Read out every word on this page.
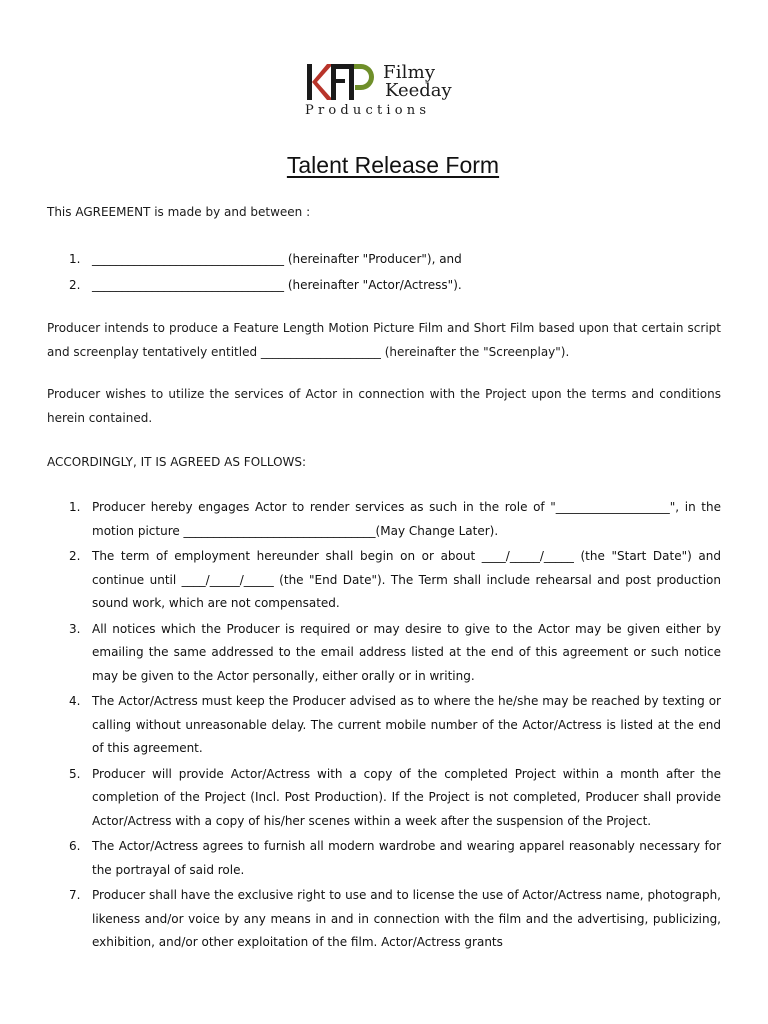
Filmy
Keeday
Productions
Talent Release Form
This AGREEMENT is made by and between :
1. ________________________________ (hereinafter "Producer"), and
2. ________________________________ (hereinafter "Actor/Actress").
Producer intends to produce a Feature Length Motion Picture Film and Short Film based upon that certain script and screenplay tentatively entitled ____________________ (hereinafter the "Screenplay").
Producer wishes to utilize the services of Actor in connection with the Project upon the terms and conditions herein contained.
ACCORDINGLY, IT IS AGREED AS FOLLOWS:
1. Producer hereby engages Actor to render services as such in the role of "___________________", in the motion picture ________________________________(May Change Later).
2. The term of employment hereunder shall begin on or about ____/_____/_____ (the "Start Date") and continue until ____/_____/_____ (the "End Date"). The Term shall include rehearsal and post production sound work, which are not compensated.
3. All notices which the Producer is required or may desire to give to the Actor may be given either by emailing the same addressed to the email address listed at the end of this agreement or such notice may be given to the Actor personally, either orally or in writing.
4. The Actor/Actress must keep the Producer advised as to where the he/she may be reached by texting or calling without unreasonable delay. The current mobile number of the Actor/Actress is listed at the end of this agreement.
5. Producer will provide Actor/Actress with a copy of the completed Project within a month after the completion of the Project (Incl. Post Production). If the Project is not completed, Producer shall provide Actor/Actress with a copy of his/her scenes within a week after the suspension of the Project.
6. The Actor/Actress agrees to furnish all modern wardrobe and wearing apparel reasonably necessary for the portrayal of said role.
7. Producer shall have the exclusive right to use and to license the use of Actor/Actress name, photograph, likeness and/or voice by any means in and in connection with the film and the advertising, publicizing, exhibition, and/or other exploitation of the film. Actor/Actress grants
